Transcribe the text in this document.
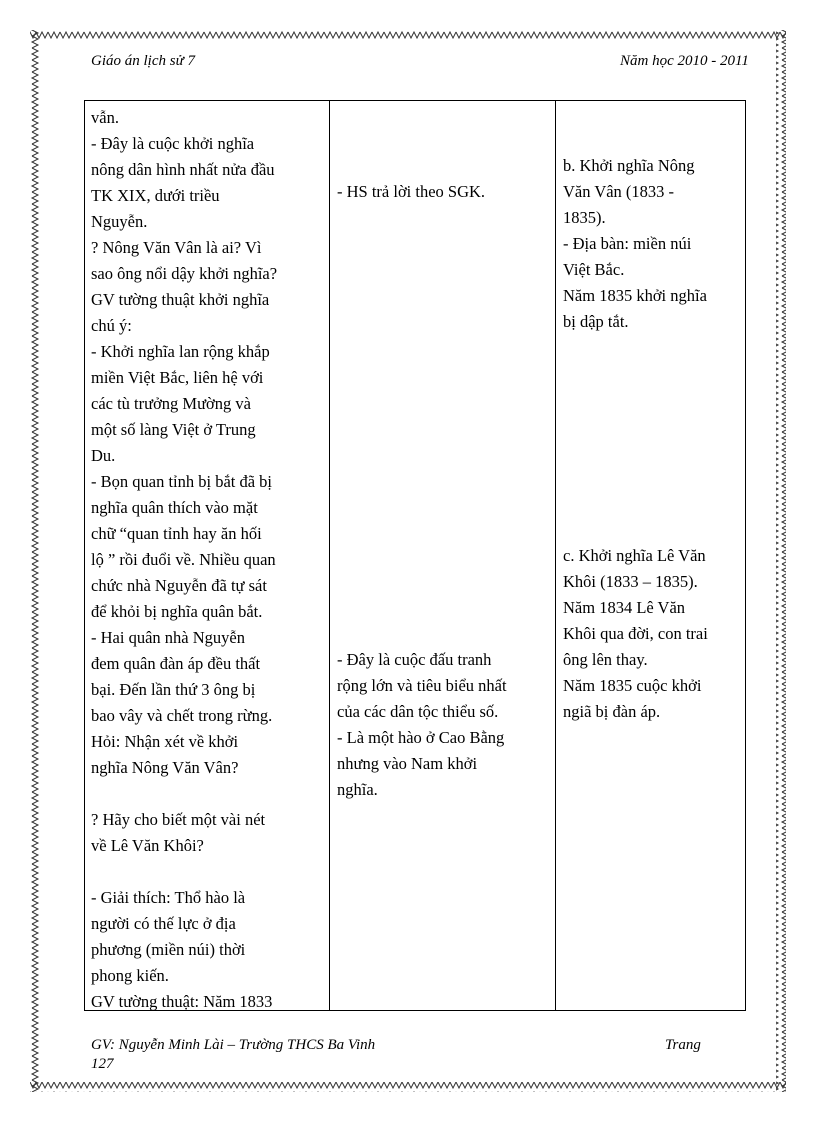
Giáo án lịch sử 7	Năm học 2010 - 2011
vẫn.
- Đây là cuộc khởi nghĩa
nông dân hình nhất nửa đầu
TK XIX, dưới triều
Nguyễn.
? Nông Văn Vân là ai? Vì
sao ông nổi dậy khởi nghĩa?
GV tường thuật khởi nghĩa
chú ý:
- Khởi nghĩa lan rộng khắp
miền Việt Bắc, liên hệ với
các tù trưởng Mường và
một số làng Việt ở Trung
Du.
- Bọn quan tỉnh bị bắt đã bị
nghĩa quân thích vào mặt
chữ “quan tỉnh hay ăn hối
lộ ” rồi đuổi về. Nhiều quan
chức nhà Nguyễn đã tự sát
để khỏi bị nghĩa quân bắt.
- Hai quân nhà Nguyễn
đem quân đàn áp đều thất
bại. Đến lần thứ 3 ông bị
bao vây và chết trong rừng.
Hỏi: Nhận xét về khởi
nghĩa Nông Văn Vân?
? Hãy cho biết một vài nét
về Lê Văn Khôi?
- Giải thích: Thổ hào là
người có thế lực ở địa
phương (miền núi) thời
phong kiến.
GV tường thuật: Năm 1833
- HS trả lời theo SGK.
- Đây là cuộc đấu tranh
rộng lớn và tiêu biểu nhất
của các dân tộc thiểu số.
- Là một hào ở Cao Bằng
nhưng vào Nam khởi
nghĩa.
b. Khởi nghĩa Nông
Văn Vân (1833 -
1835).
- Địa bàn: miền núi
Việt Bắc.
Năm 1835 khởi nghĩa
bị dập tắt.
c. Khởi nghĩa Lê Văn
Khôi (1833 – 1835).
Năm 1834 Lê Văn
Khôi qua đời, con trai
ông lên thay.
Năm 1835 cuộc khởi
ngiã bị đàn áp.
GV: Nguyễn Minh Lài – Trường THCS Ba Vinh	Trang
127
